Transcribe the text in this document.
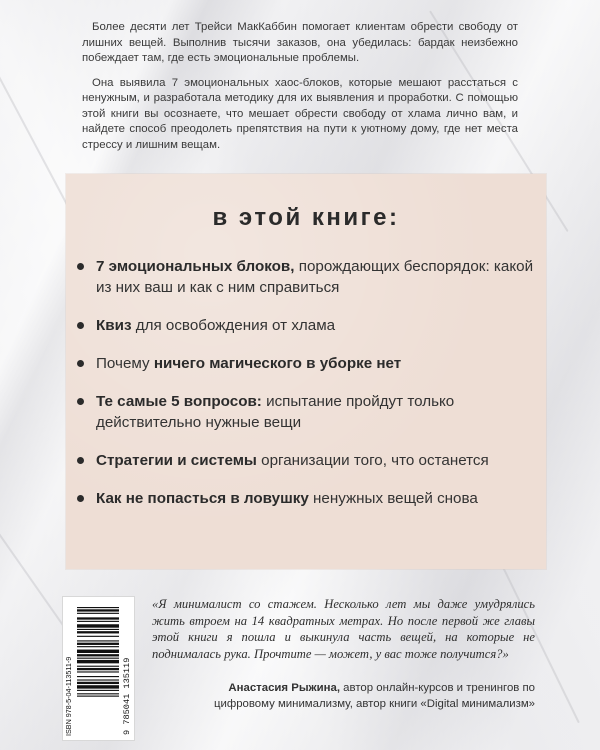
Более десяти лет Трейси МакКаббин помогает клиентам обрести свободу от лишних вещей. Выполнив тысячи заказов, она убедилась: бардак неизбежно побеждает там, где есть эмоциональные проблемы.

Она выявила 7 эмоциональных хаос-блоков, которые мешают расстаться с ненужным, и разработала методику для их выявления и проработки. С помощью этой книги вы осознаете, что мешает обрести свободу от хлама лично вам, и найдете способ преодолеть препятствия на пути к уютному дому, где нет места стрессу и лишним вещам.

в этой книге:
7 эмоциональных блоков, порождающих беспорядок: какой из них ваш и как с ним справиться
Квиз для освобождения от хлама
Почему ничего магического в уборке нет
Те самые 5 вопросов: испытание пройдут только действительно нужные вещи
Стратегии и системы организации того, что останется
Как не попасться в ловушку ненужных вещей снова
ISBN 978-5-04-113511-9	9 785041 135119

«Я минималист со стажем. Несколько лет мы даже умудрялись жить втроем на 14 квадратных метрах. Но после первой же главы этой книги я пошла и выкинула часть вещей, на которые не поднималась рука. Прочтите — может, у вас тоже получится?»

Анастасия Рыжина, автор онлайн-курсов и тренингов по цифровому минимализму, автор книги «Digital минимализм»
